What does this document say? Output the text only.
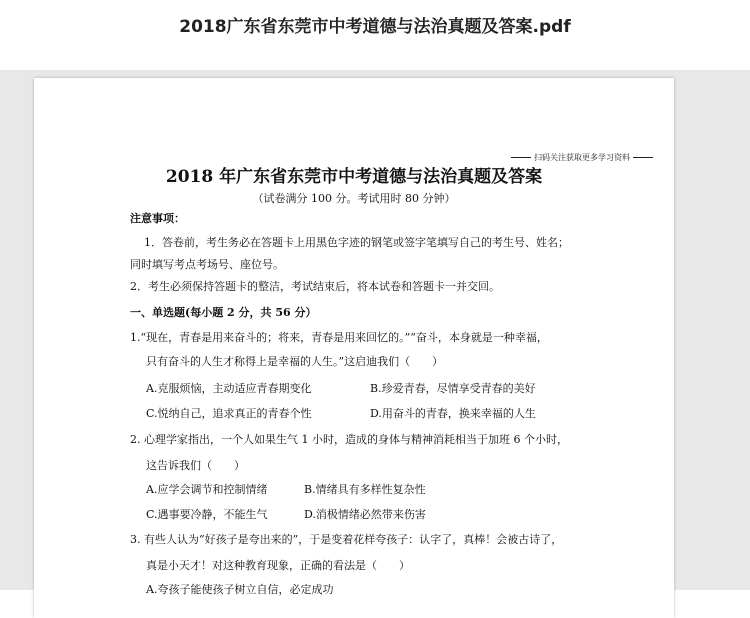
2018广东省东莞市中考道德与法治真题及答案.pdf
扫码关注获取更多学习资料
2018 年广东省东莞市中考道德与法治真题及答案
（试卷满分 100 分。考试用时 80 分钟）
注意事项：
1．答卷前，考生务必在答题卡上用黑色字迹的钢笔或签字笔填写自己的考生号、姓名；
同时填写考点考场号、座位号。
2．考生必须保持答题卡的整洁，考试结束后，将本试卷和答题卡一并交回。
一、单选题(每小题 2 分，共 56 分）
1.“现在，青春是用来奋斗的；将来，青春是用来回忆的。”“奋斗，本身就是一种幸福，
只有奋斗的人生才称得上是幸福的人生。”这启迪我们（　　）
A.克服烦恼，主动适应青春期变化	B.珍爱青春，尽情享受青春的美好
C.悦纳自己，追求真正的青春个性	D.用奋斗的青春，换来幸福的人生
2. 心理学家指出，一个人如果生气 1 小时，造成的身体与精神消耗相当于加班 6 个小时，
这告诉我们（　　）
A.应学会调节和控制情绪	B.情绪具有多样性复杂性
C.遇事要冷静，不能生气	D.消极情绪必然带来伤害
3. 有些人认为“好孩子是夸出来的”，于是变着花样夸孩子：认字了，真棒！会被古诗了，
真是小天才！对这种教育现象，正确的看法是（　　）
A.夸孩子能使孩子树立自信，必定成功
